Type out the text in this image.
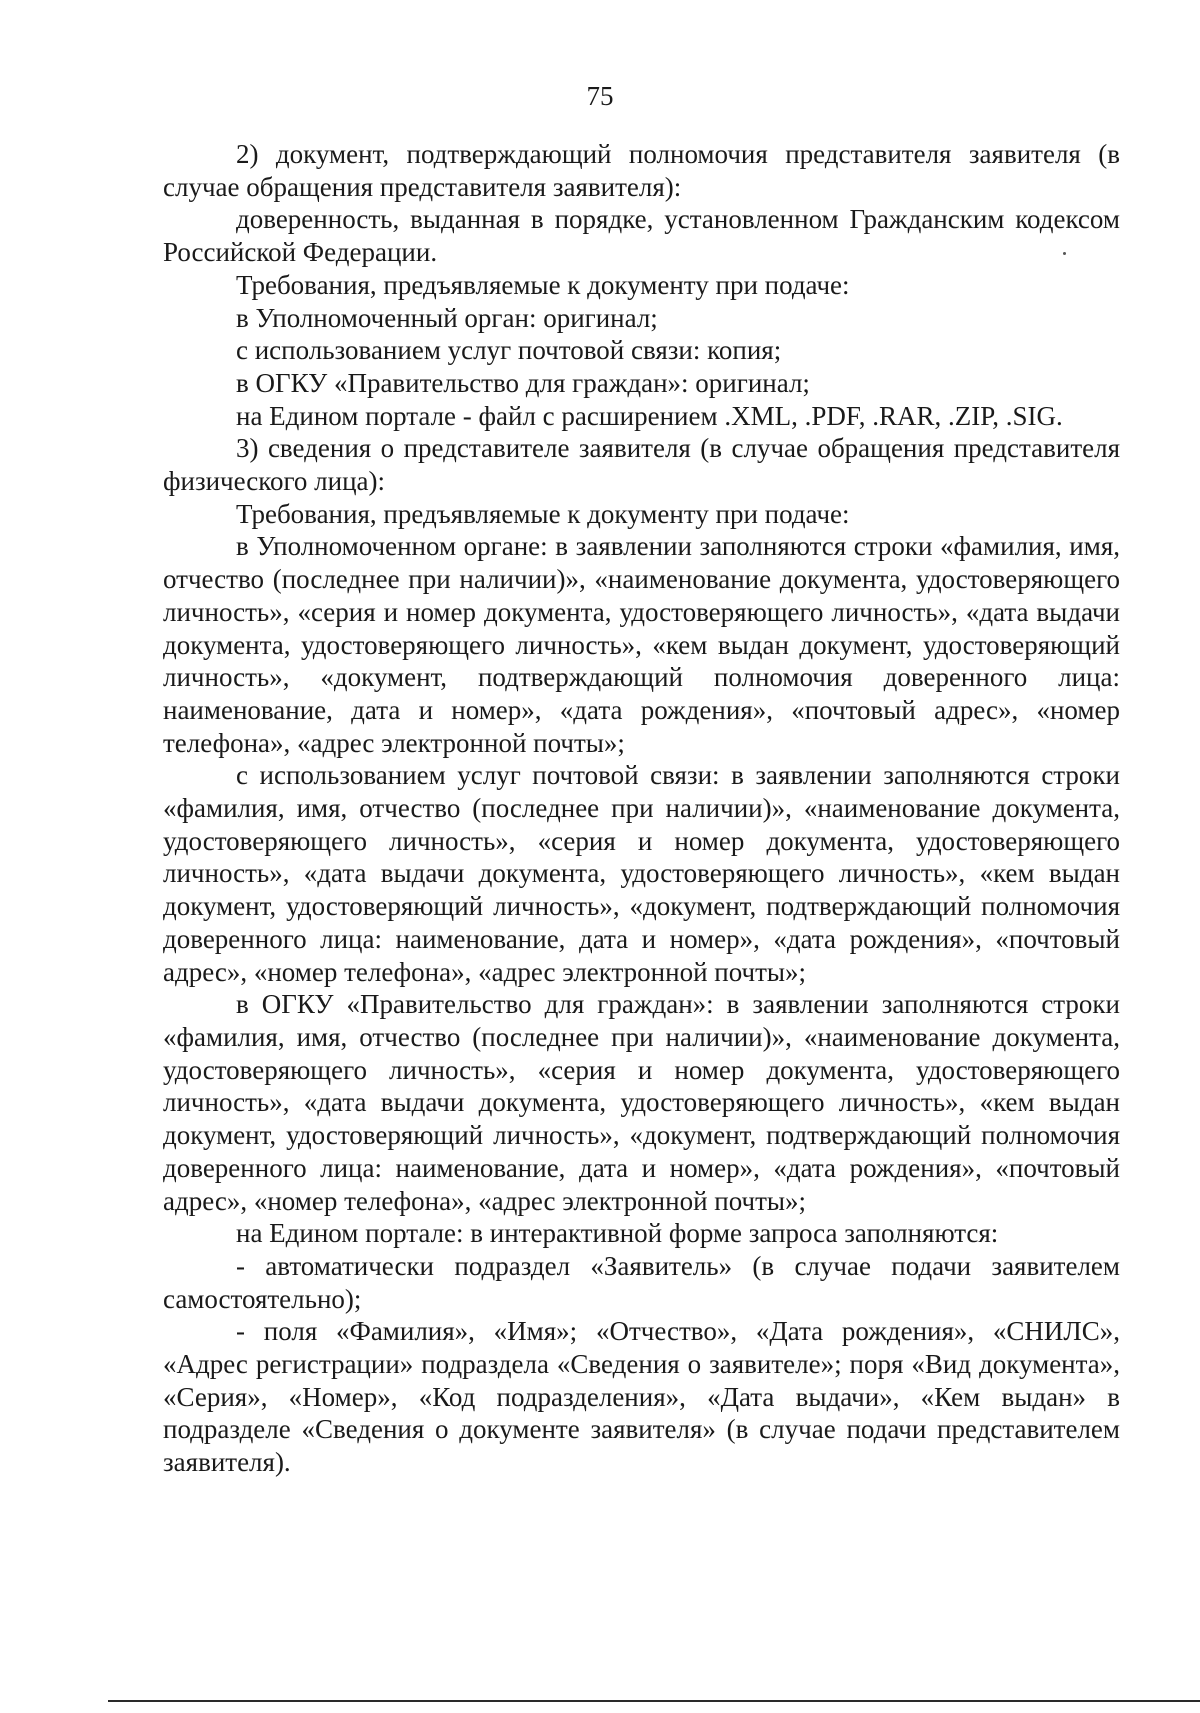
75

2) документ, подтверждающий полномочия представителя заявителя (в случае обращения представителя заявителя):

доверенность, выданная в порядке, установленном Гражданским кодексом Российской Федерации.

Требования, предъявляемые к документу при подаче:

в Уполномоченный орган: оригинал;

с использованием услуг почтовой связи: копия;

в ОГКУ «Правительство для граждан»: оригинал;

на Едином портале - файл с расширением .XML, .PDF, .RAR, .ZIP, .SIG.

3) сведения о представителе заявителя (в случае обращения представителя физического лица):

Требования, предъявляемые к документу при подаче:

в Уполномоченном органе: в заявлении заполняются строки «фамилия, имя, отчество (последнее при наличии)», «наименование документа, удостоверяющего личность», «серия и номер документа, удостоверяющего личность», «дата выдачи документа, удостоверяющего личность», «кем выдан документ, удостоверяющий личность», «документ, подтверждающий полномочия доверенного лица: наименование, дата и номер», «дата рождения», «почтовый адрес», «номер телефона», «адрес электронной почты»;

с использованием услуг почтовой связи: в заявлении заполняются строки «фамилия, имя, отчество (последнее при наличии)», «наименование документа, удостоверяющего личность», «серия и номер документа, удостоверяющего личность», «дата выдачи документа, удостоверяющего личность», «кем выдан документ, удостоверяющий личность», «документ, подтверждающий полномочия доверенного лица: наименование, дата и номер», «дата рождения», «почтовый адрес», «номер телефона», «адрес электронной почты»;

в ОГКУ «Правительство для граждан»: в заявлении заполняются строки «фамилия, имя, отчество (последнее при наличии)», «наименование документа, удостоверяющего личность», «серия и номер документа, удостоверяющего личность», «дата выдачи документа, удостоверяющего личность», «кем выдан документ, удостоверяющий личность», «документ, подтверждающий полномочия доверенного лица: наименование, дата и номер», «дата рождения», «почтовый адрес», «номер телефона», «адрес электронной почты»;

на Едином портале: в интерактивной форме запроса заполняются:

- автоматически подраздел «Заявитель» (в случае подачи заявителем самостоятельно);

- поля «Фамилия», «Имя»; «Отчество», «Дата рождения», «СНИЛС», «Адрес регистрации» подраздела «Сведения о заявителе»; поря «Вид документа», «Серия», «Номер», «Код подразделения», «Дата выдачи», «Кем выдан» в подразделе «Сведения о документе заявителя» (в случае подачи представителем заявителя).
